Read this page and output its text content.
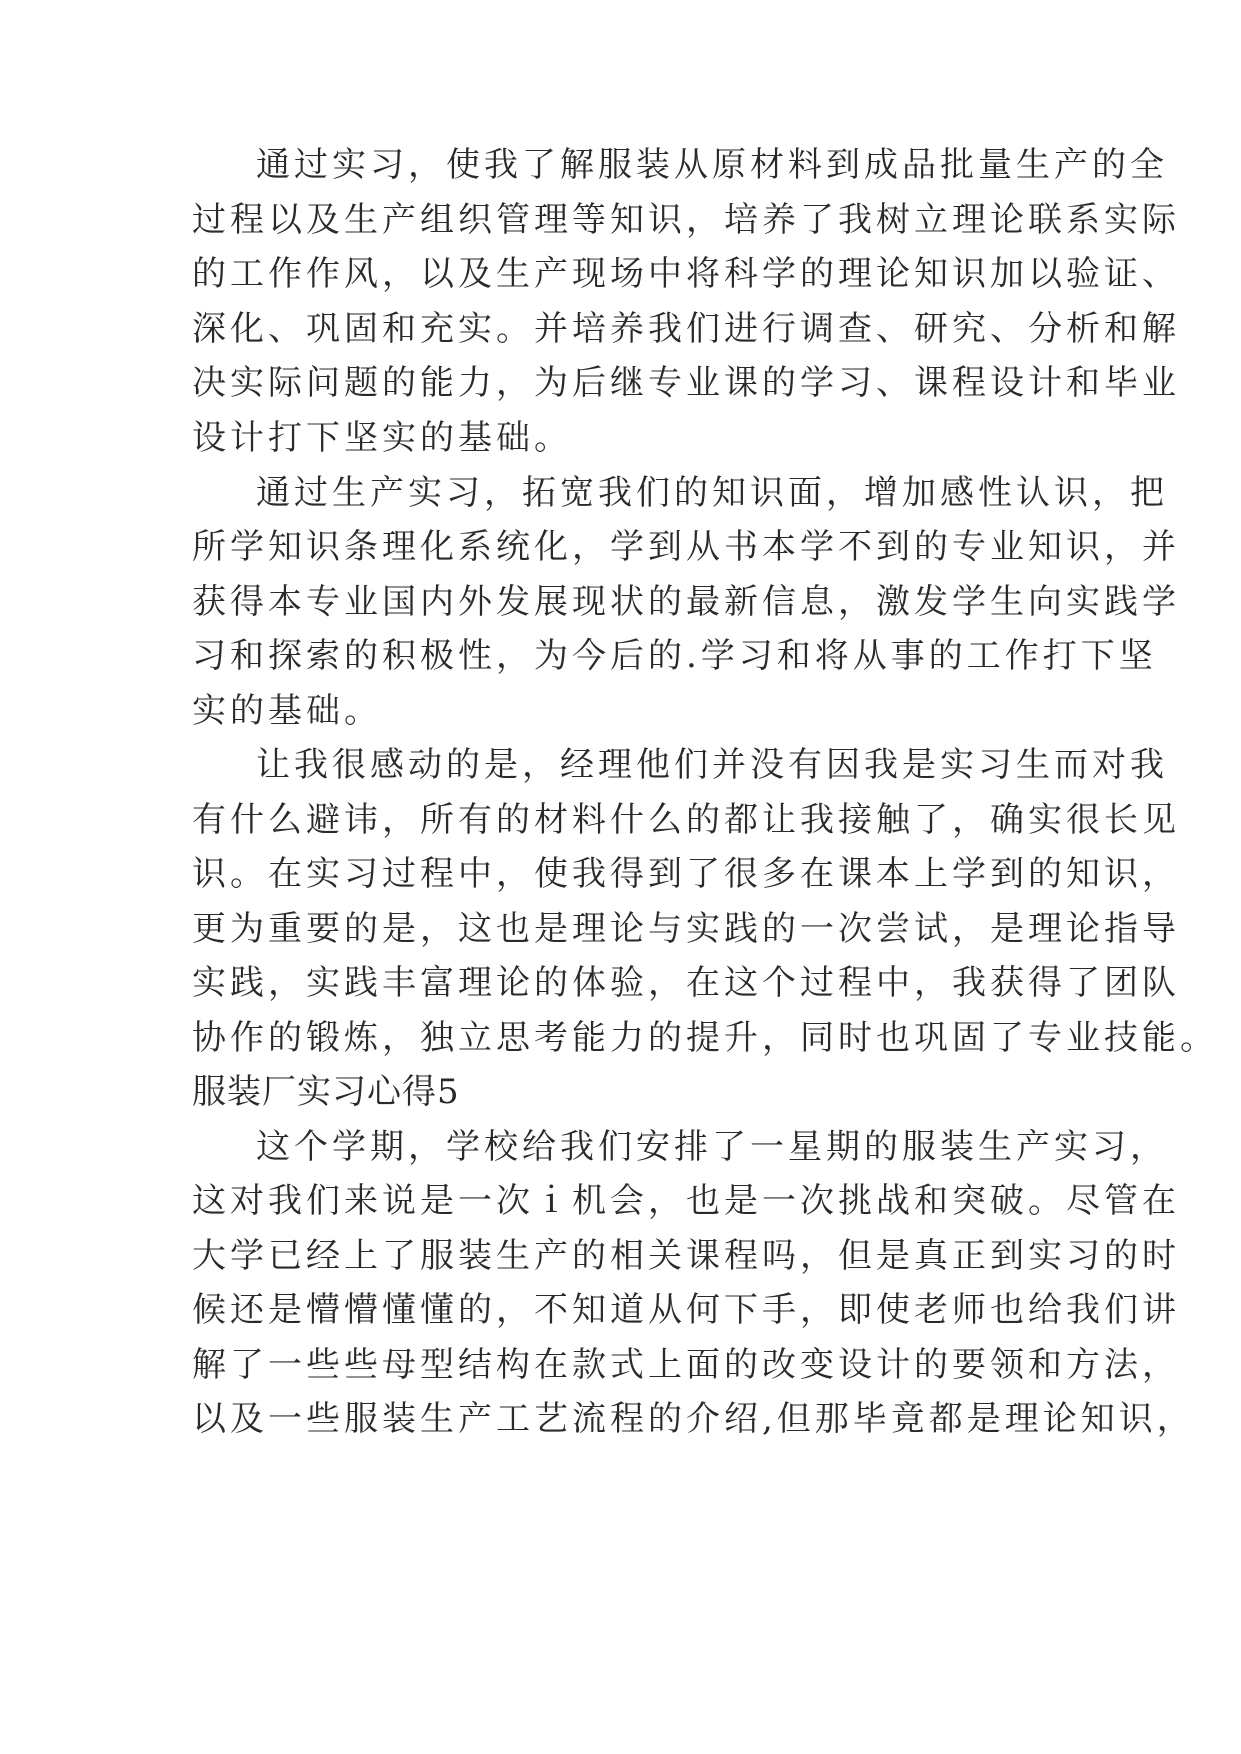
通过实习，使我了解服装从原材料到成品批量生产的全
过程以及生产组织管理等知识，培养了我树立理论联系实际
的工作作风，以及生产现场中将科学的理论知识加以验证、
深化、巩固和充实。并培养我们进行调查、研究、分析和解
决实际问题的能力，为后继专业课的学习、课程设计和毕业
设计打下坚实的基础。
通过生产实习，拓宽我们的知识面，增加感性认识，把
所学知识条理化系统化，学到从书本学不到的专业知识，并
获得本专业国内外发展现状的最新信息，激发学生向实践学
习和探索的积极性，为今后的.学习和将从事的工作打下坚
实的基础。
让我很感动的是，经理他们并没有因我是实习生而对我
有什么避讳，所有的材料什么的都让我接触了，确实很长见
识。在实习过程中，使我得到了很多在课本上学到的知识，
更为重要的是，这也是理论与实践的一次尝试，是理论指导
实践，实践丰富理论的体验，在这个过程中，我获得了团队
协作的锻炼，独立思考能力的提升，同时也巩固了专业技能。
服装厂实习心得5
这个学期，学校给我们安排了一星期的服装生产实习，
这对我们来说是一次ｉ机会，也是一次挑战和突破。尽管在
大学已经上了服装生产的相关课程吗，但是真正到实习的时
候还是懵懵懂懂的，不知道从何下手，即使老师也给我们讲
解了一些些母型结构在款式上面的改变设计的要领和方法，
以及一些服装生产工艺流程的介绍,但那毕竟都是理论知识，
